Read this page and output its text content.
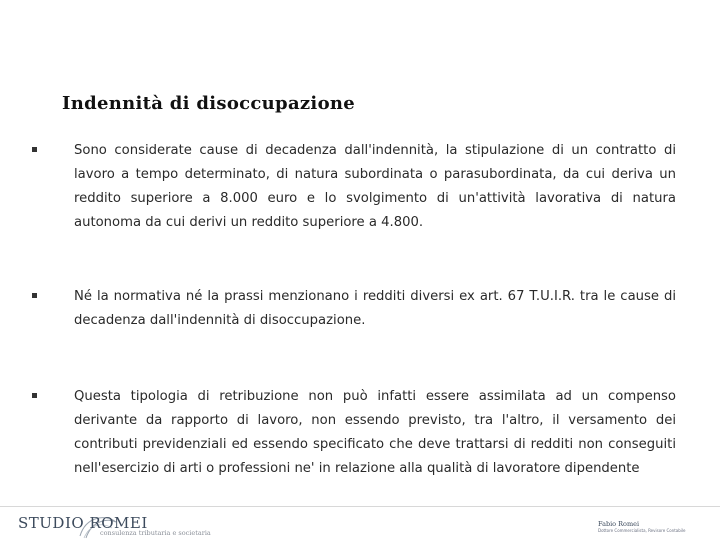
Indennità di disoccupazione
Sono considerate cause di decadenza dall'indennità, la stipulazione di un contratto di lavoro a tempo determinato, di natura subordinata o parasubordinata, da cui deriva un reddito superiore a 8.000 euro e lo svolgimento di un'attività lavorativa di natura autonoma da cui derivi un reddito superiore a 4.800.
Né la normativa né la prassi menzionano i redditi diversi ex art. 67 T.U.I.R. tra le cause di decadenza dall'indennità di disoccupazione.
Questa tipologia di retribuzione non può infatti essere assimilata ad un compenso derivante da rapporto di lavoro, non essendo previsto, tra l'altro, il versamento dei contributi previdenziali ed essendo specificato che deve trattarsi di redditi non conseguiti nell'esercizio di arti o professioni ne' in relazione alla qualità di lavoratore dipendente
STUDIO ROMEI
consulenza tributaria e societaria
Fabio Romei
Dottore Commercialista, Revisore Contabile
